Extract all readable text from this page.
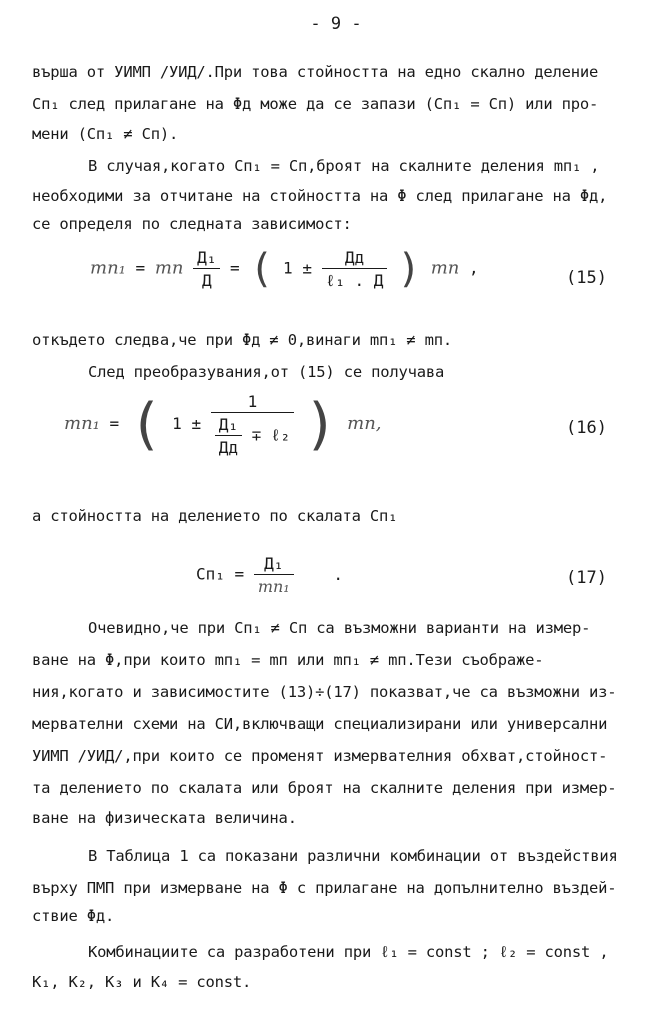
- 9 -
върша от УИМП /УИД/.При това стойността на едно скално деление
Сп₁ след прилагане на Φд може да се запази (Сп₁ = Сп) или про-
мени (Сп₁ ≠ Сп).
В случая,когато Сп₁ = Сп,броят на скалните деления mп₁ ,
необходими за отчитане на стойността на Φ след прилагане на Φд,
се определя по следната зависимост:
mп₁ = mп $\frac{\text{Д₁}}{Д}$ = ( $1 \pm \frac{Дд}{\text{ℓ₁ . Д}}$ ) mп ,	(15)
откъдето следва,че при Φд ≠ 0,винаги mп₁ ≠ mп.
След преобразувания,от (15) се получава
mп₁ = ( $1 \pm \frac{1}{\frac{\text{Д₁}}{Дд} \mp \ell_2}$ ) mп,	(16)
а стойността на делението по скалата Сп₁
$Сп_1 = \frac{\text{Д₁}}{\text{mп₁}}$ .	(17)
Очевидно,че при Сп₁ ≠ Сп са възможни варианти на измер-
ване на Φ,при които mп₁ = mп или mп₁ ≠ mп.Тези съображе-
ния,когато и зависимостите (13)÷(17) показват,че са възможни из-
мервателни схеми на СИ,включващи специализирани или универсални
УИМП /УИД/,при които се променят измервателния обхват,стойност-
та делението по скалата или броят на скалните деления при измер-
ване на физическата величина.
В Таблица 1 са показани различни комбинации от въздействия
върху ПМП при измерване на Φ с прилагане на допълнително въздей-
ствие Φд.
Комбинациите са разработени при ℓ₁ = const ; ℓ₂ = const ,
К₁, К₂, К₃ и К₄ = const.
